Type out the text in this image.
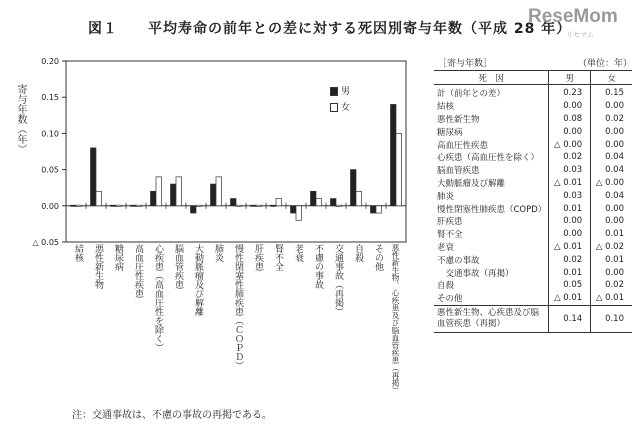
図１　　平均寿命の前年との差に対する死因別寄与年数（平成 28 年）
ReseMom
リセマム
寄与年数（年）
0.20
0.15
0.10
0.05
0.00
△ 0.05
結核	悪性新生物	糖尿病	高血圧性疾患	心疾患（高血圧性を除く）	脳血管疾患	大動脈瘤及び解離	肺炎	慢性閉塞性肺疾患（ＣＯＰＤ）	肝疾患	腎不全	老衰	不慮の事故	交通事故（再掲）	自殺	その他 悪性新生物、心疾患及び脳血管疾患（再掲）
男
女
［寄与年数］	（単位：年）
死　因	男	女
計（前年との差）	0.23	0.15
結核	0.00	0.00
悪性新生物	0.08	0.02
糖尿病	0.00	0.00
高血圧性疾患	△ 0.00	0.00
心疾患（高血圧性を除く）	0.02	0.04
脳血管疾患	0.03	0.04
大動脈瘤及び解離	△ 0.01	△ 0.00
肺炎	0.03	0.04
慢性閉塞性肺疾患（COPD）	0.01	0.00
肝疾患	0.00	0.00
腎不全	0.00	0.01
老衰	△ 0.01	△ 0.02
不慮の事故	0.02	0.01
　交通事故（再掲）	0.01	0.00
自殺	0.05	0.02
その他	△ 0.01	△ 0.01
悪性新生物、心疾患及び脳血管疾患（再掲）	0.14	0.10
注：交通事故は、不慮の事故の再掲である。
